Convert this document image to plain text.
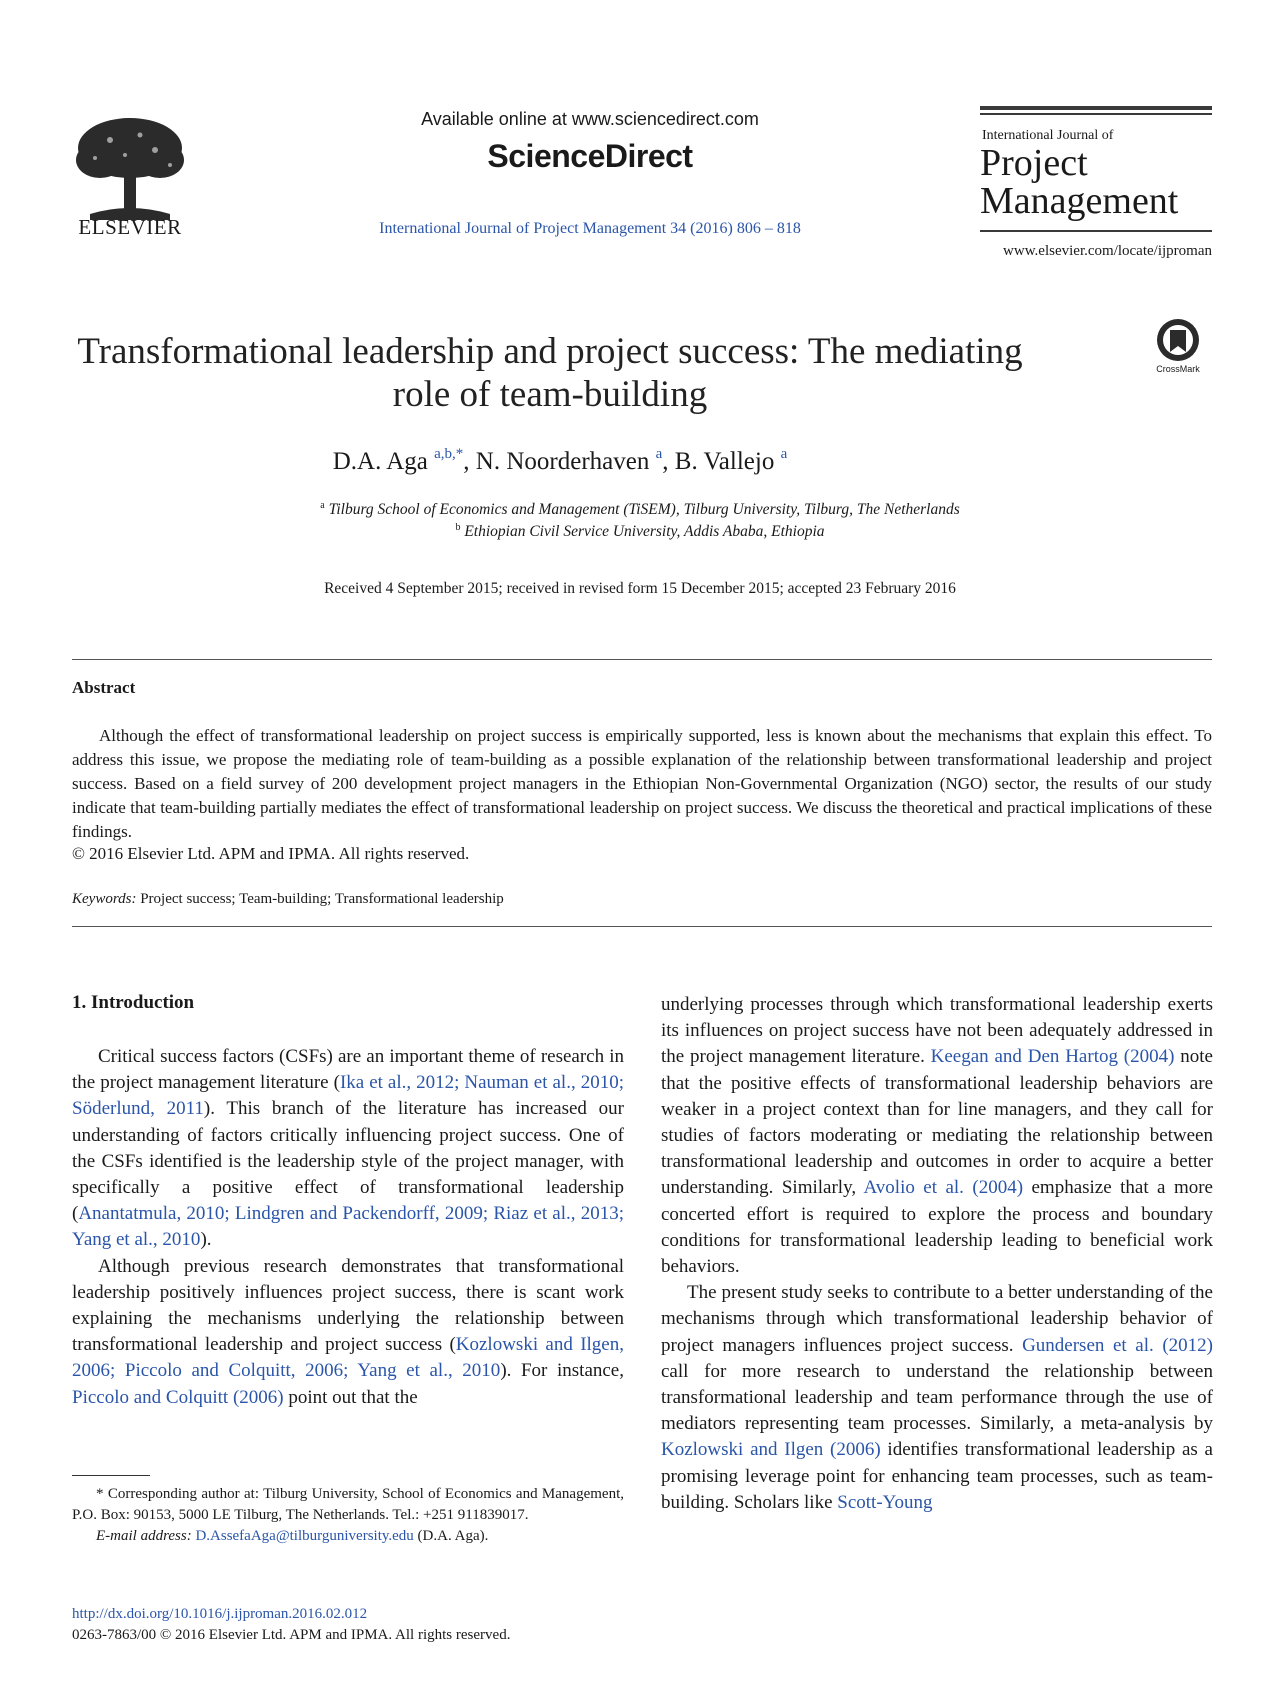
ELSEVIER
Available online at www.sciencedirect.com
ScienceDirect
International Journal of Project Management 34 (2016) 806 – 818
International Journal of
Project
Management
www.elsevier.com/locate/ijproman
Transformational leadership and project success: The mediating role of team-building
CrossMark
D.A. Aga $^{a,b,*}$, N. Noorderhaven $^a$, B. Vallejo $^a$
$^a$ Tilburg School of Economics and Management (TiSEM), Tilburg University, Tilburg, The Netherlands
$^b$ Ethiopian Civil Service University, Addis Ababa, Ethiopia
Received 4 September 2015; received in revised form 15 December 2015; accepted 23 February 2016
Abstract
Although the effect of transformational leadership on project success is empirically supported, less is known about the mechanisms that explain this effect. To address this issue, we propose the mediating role of team-building as a possible explanation of the relationship between transformational leadership and project success. Based on a field survey of 200 development project managers in the Ethiopian Non-Governmental Organization (NGO) sector, the results of our study indicate that team-building partially mediates the effect of transformational leadership on project success. We discuss the theoretical and practical implications of these findings.
© 2016 Elsevier Ltd. APM and IPMA. All rights reserved.
Keywords: Project success; Team-building; Transformational leadership
1. Introduction

Critical success factors (CSFs) are an important theme of research in the project management literature (Ika et al., 2012; Nauman et al., 2010; Söderlund, 2011). This branch of the literature has increased our understanding of factors critically influencing project success. One of the CSFs identified is the leadership style of the project manager, with specifically a positive effect of transformational leadership (Anantatmula, 2010; Lindgren and Packendorff, 2009; Riaz et al., 2013; Yang et al., 2010).

Although previous research demonstrates that transformational leadership positively influences project success, there is scant work explaining the mechanisms underlying the relationship between transformational leadership and project success (Kozlowski and Ilgen, 2006; Piccolo and Colquitt, 2006; Yang et al., 2010). For instance, Piccolo and Colquitt (2006) point out that the

underlying processes through which transformational leadership exerts its influences on project success have not been adequately addressed in the project management literature. Keegan and Den Hartog (2004) note that the positive effects of transformational leadership behaviors are weaker in a project context than for line managers, and they call for studies of factors moderating or mediating the relationship between transformational leadership and outcomes in order to acquire a better understanding. Similarly, Avolio et al. (2004) emphasize that a more concerted effort is required to explore the process and boundary conditions for transformational leadership leading to beneficial work behaviors.

The present study seeks to contribute to a better understanding of the mechanisms through which transformational leadership behavior of project managers influences project success. Gundersen et al. (2012) call for more research to understand the relationship between transformational leadership and team performance through the use of mediators representing team processes. Similarly, a meta-analysis by Kozlowski and Ilgen (2006) identifies transformational leadership as a promising leverage point for enhancing team processes, such as team-building. Scholars like Scott-Young

* Corresponding author at: Tilburg University, School of Economics and Management, P.O. Box: 90153, 5000 LE Tilburg, The Netherlands. Tel.: +251 911839017.

E-mail address: D.AssefaAga@tilburguniversity.edu (D.A. Aga).

http://dx.doi.org/10.1016/j.ijproman.2016.02.012
0263-7863/00 © 2016 Elsevier Ltd. APM and IPMA. All rights reserved.
